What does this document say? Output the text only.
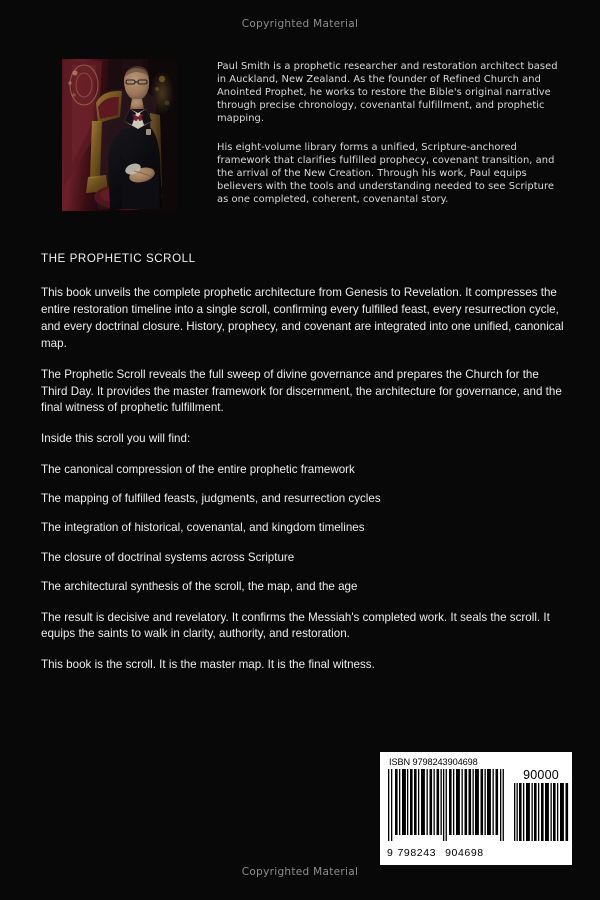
Copyrighted Material

Paul Smith is a prophetic researcher and restoration architect based in Auckland, New Zealand. As the founder of Refined Church and Anointed Prophet, he works to restore the Bible's original narrative through precise chronology, covenantal fulfillment, and prophetic mapping.

His eight-volume library forms a unified, Scripture-anchored framework that clarifies fulfilled prophecy, covenant transition, and the arrival of the New Creation. Through his work, Paul equips believers with the tools and understanding needed to see Scripture as one completed, coherent, covenantal story.

THE PROPHETIC SCROLL

This book unveils the complete prophetic architecture from Genesis to Revelation. It compresses the entire restoration timeline into a single scroll, confirming every fulfilled feast, every resurrection cycle, and every doctrinal closure. History, prophecy, and covenant are integrated into one unified, canonical map.

The Prophetic Scroll reveals the full sweep of divine governance and prepares the Church for the Third Day. It provides the master framework for discernment, the architecture for governance, and the final witness of prophetic fulfillment.

Inside this scroll you will find:

The canonical compression of the entire prophetic framework
The mapping of fulfilled feasts, judgments, and resurrection cycles
The integration of historical, covenantal, and kingdom timelines
The closure of doctrinal systems across Scripture
The architectural synthesis of the scroll, the map, and the age

The result is decisive and revelatory. It confirms the Messiah's completed work. It seals the scroll. It equips the saints to walk in clarity, authority, and restoration.

This book is the scroll. It is the master map. It is the final witness.

ISBN 9798243904698
90000
9 798243 904698
Copyrighted Material
